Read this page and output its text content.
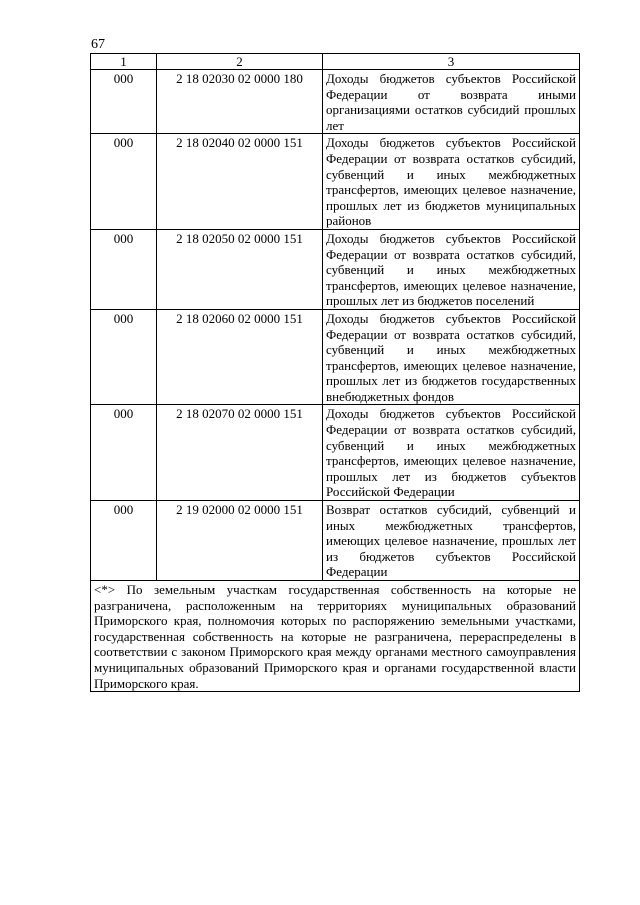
67
1	2	3
000	2 18 02030 02 0000 180	Доходы бюджетов субъектов Российской Федерации от возврата иными организациями остатков субсидий прошлых лет
000	2 18 02040 02 0000 151	Доходы бюджетов субъектов Российской Федерации от возврата остатков субсидий, субвенций и иных межбюджетных трансфертов, имеющих целевое назначение, прошлых лет из бюджетов муниципальных районов
000	2 18 02050 02 0000 151	Доходы бюджетов субъектов Российской Федерации от возврата остатков субсидий, субвенций и иных межбюджетных трансфертов, имеющих целевое назначение, прошлых лет из бюджетов поселений
000	2 18 02060 02 0000 151	Доходы бюджетов субъектов Российской Федерации от возврата остатков субсидий, субвенций и иных межбюджетных трансфертов, имеющих целевое назначение, прошлых лет из бюджетов государственных внебюджетных фондов
000	2 18 02070 02 0000 151	Доходы бюджетов субъектов Российской Федерации от возврата остатков субсидий, субвенций и иных межбюджетных трансфертов, имеющих целевое назначение, прошлых лет из бюджетов субъектов Российской Федерации
000	2 19 02000 02 0000 151	Возврат остатков субсидий, субвенций и иных межбюджетных трансфертов, имеющих целевое назначение, прошлых лет из бюджетов субъектов Российской Федерации
<*> По земельным участкам государственная собственность на которые не разграничена, расположенным на территориях муниципальных образований Приморского края, полномочия которых по распоряжению земельными участками, государственная собственность на которые не разграничена, перераспределены в соответствии с законом Приморского края между органами местного самоуправления муниципальных образований Приморского края и органами государственной власти Приморского края.		
